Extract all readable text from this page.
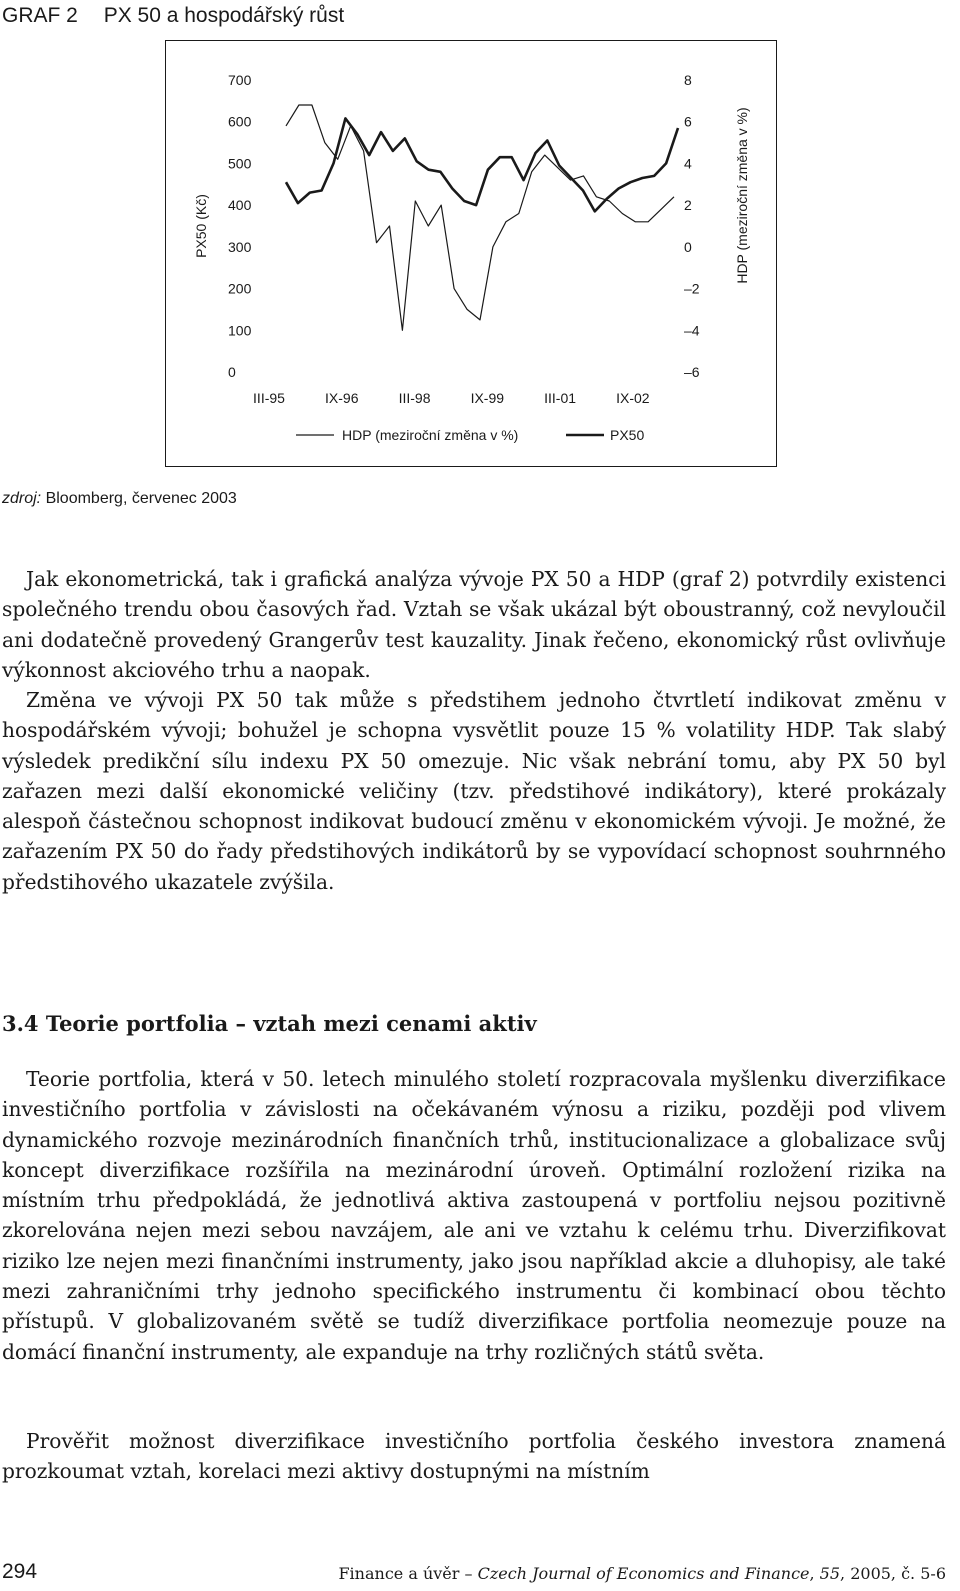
GRAF 2 PX 50 a hospodářský růst
0
100
200
300
400
500
600
700
–6
–4
–2
0
2
4
6
8
PX50 (Kč)	HDP (meziroční změna v %)
III-95	IX-96	III-98	IX-99	III-01	IX-02
HDP (meziroční změna v %)	PX50
zdroj: Bloomberg, červenec 2003

Jak ekonometrická, tak i grafická analýza vývoje PX 50 a HDP (graf 2) potvrdily existenci společného trendu obou časových řad. Vztah se však ukázal být oboustranný, což nevyloučil ani dodatečně provedený Grangerův test kauzality. Jinak řečeno, ekonomický růst ovlivňuje výkonnost akciového trhu a naopak.

Změna ve vývoji PX 50 tak může s předstihem jednoho čtvrtletí indikovat změnu v hospodářském vývoji; bohužel je schopna vysvětlit pouze 15 % volatility HDP. Tak slabý výsledek predikční sílu indexu PX 50 omezuje. Nic však nebrání tomu, aby PX 50 byl zařazen mezi další ekonomické veličiny (tzv. předstihové indikátory), které prokázaly alespoň částečnou schopnost indikovat budoucí změnu v ekonomickém vývoji. Je možné, že zařazením PX 50 do řady předstihových indikátorů by se vypovídací schopnost souhrnného předstihového ukazatele zvýšila.

3.4 Teorie portfolia – vztah mezi cenami aktiv

Teorie portfolia, která v 50. letech minulého století rozpracovala myšlenku diverzifikace investičního portfolia v závislosti na očekávaném výnosu a riziku, později pod vlivem dynamického rozvoje mezinárodních finančních trhů, institucionalizace a globalizace svůj koncept diverzifikace rozšířila na mezinárodní úroveň. Optimální rozložení rizika na místním trhu předpokládá, že jednotlivá aktiva zastoupená v portfoliu nejsou pozitivně zkorelována nejen mezi sebou navzájem, ale ani ve vztahu k celému trhu. Diverzifikovat riziko lze nejen mezi finančními instrumenty, jako jsou například akcie a dluhopisy, ale také mezi zahraničními trhy jednoho specifického instrumentu či kombinací obou těchto přístupů. V globalizovaném světě se tudíž diverzifikace portfolia neomezuje pouze na domácí finanční instrumenty, ale expanduje na trhy rozličných států světa.

Prověřit možnost diverzifikace investičního portfolia českého investora znamená prozkoumat vztah, korelaci mezi aktivy dostupnými na místním

294	Finance a úvěr – Czech Journal of Economics and Finance, 55, 2005, č. 5-6
